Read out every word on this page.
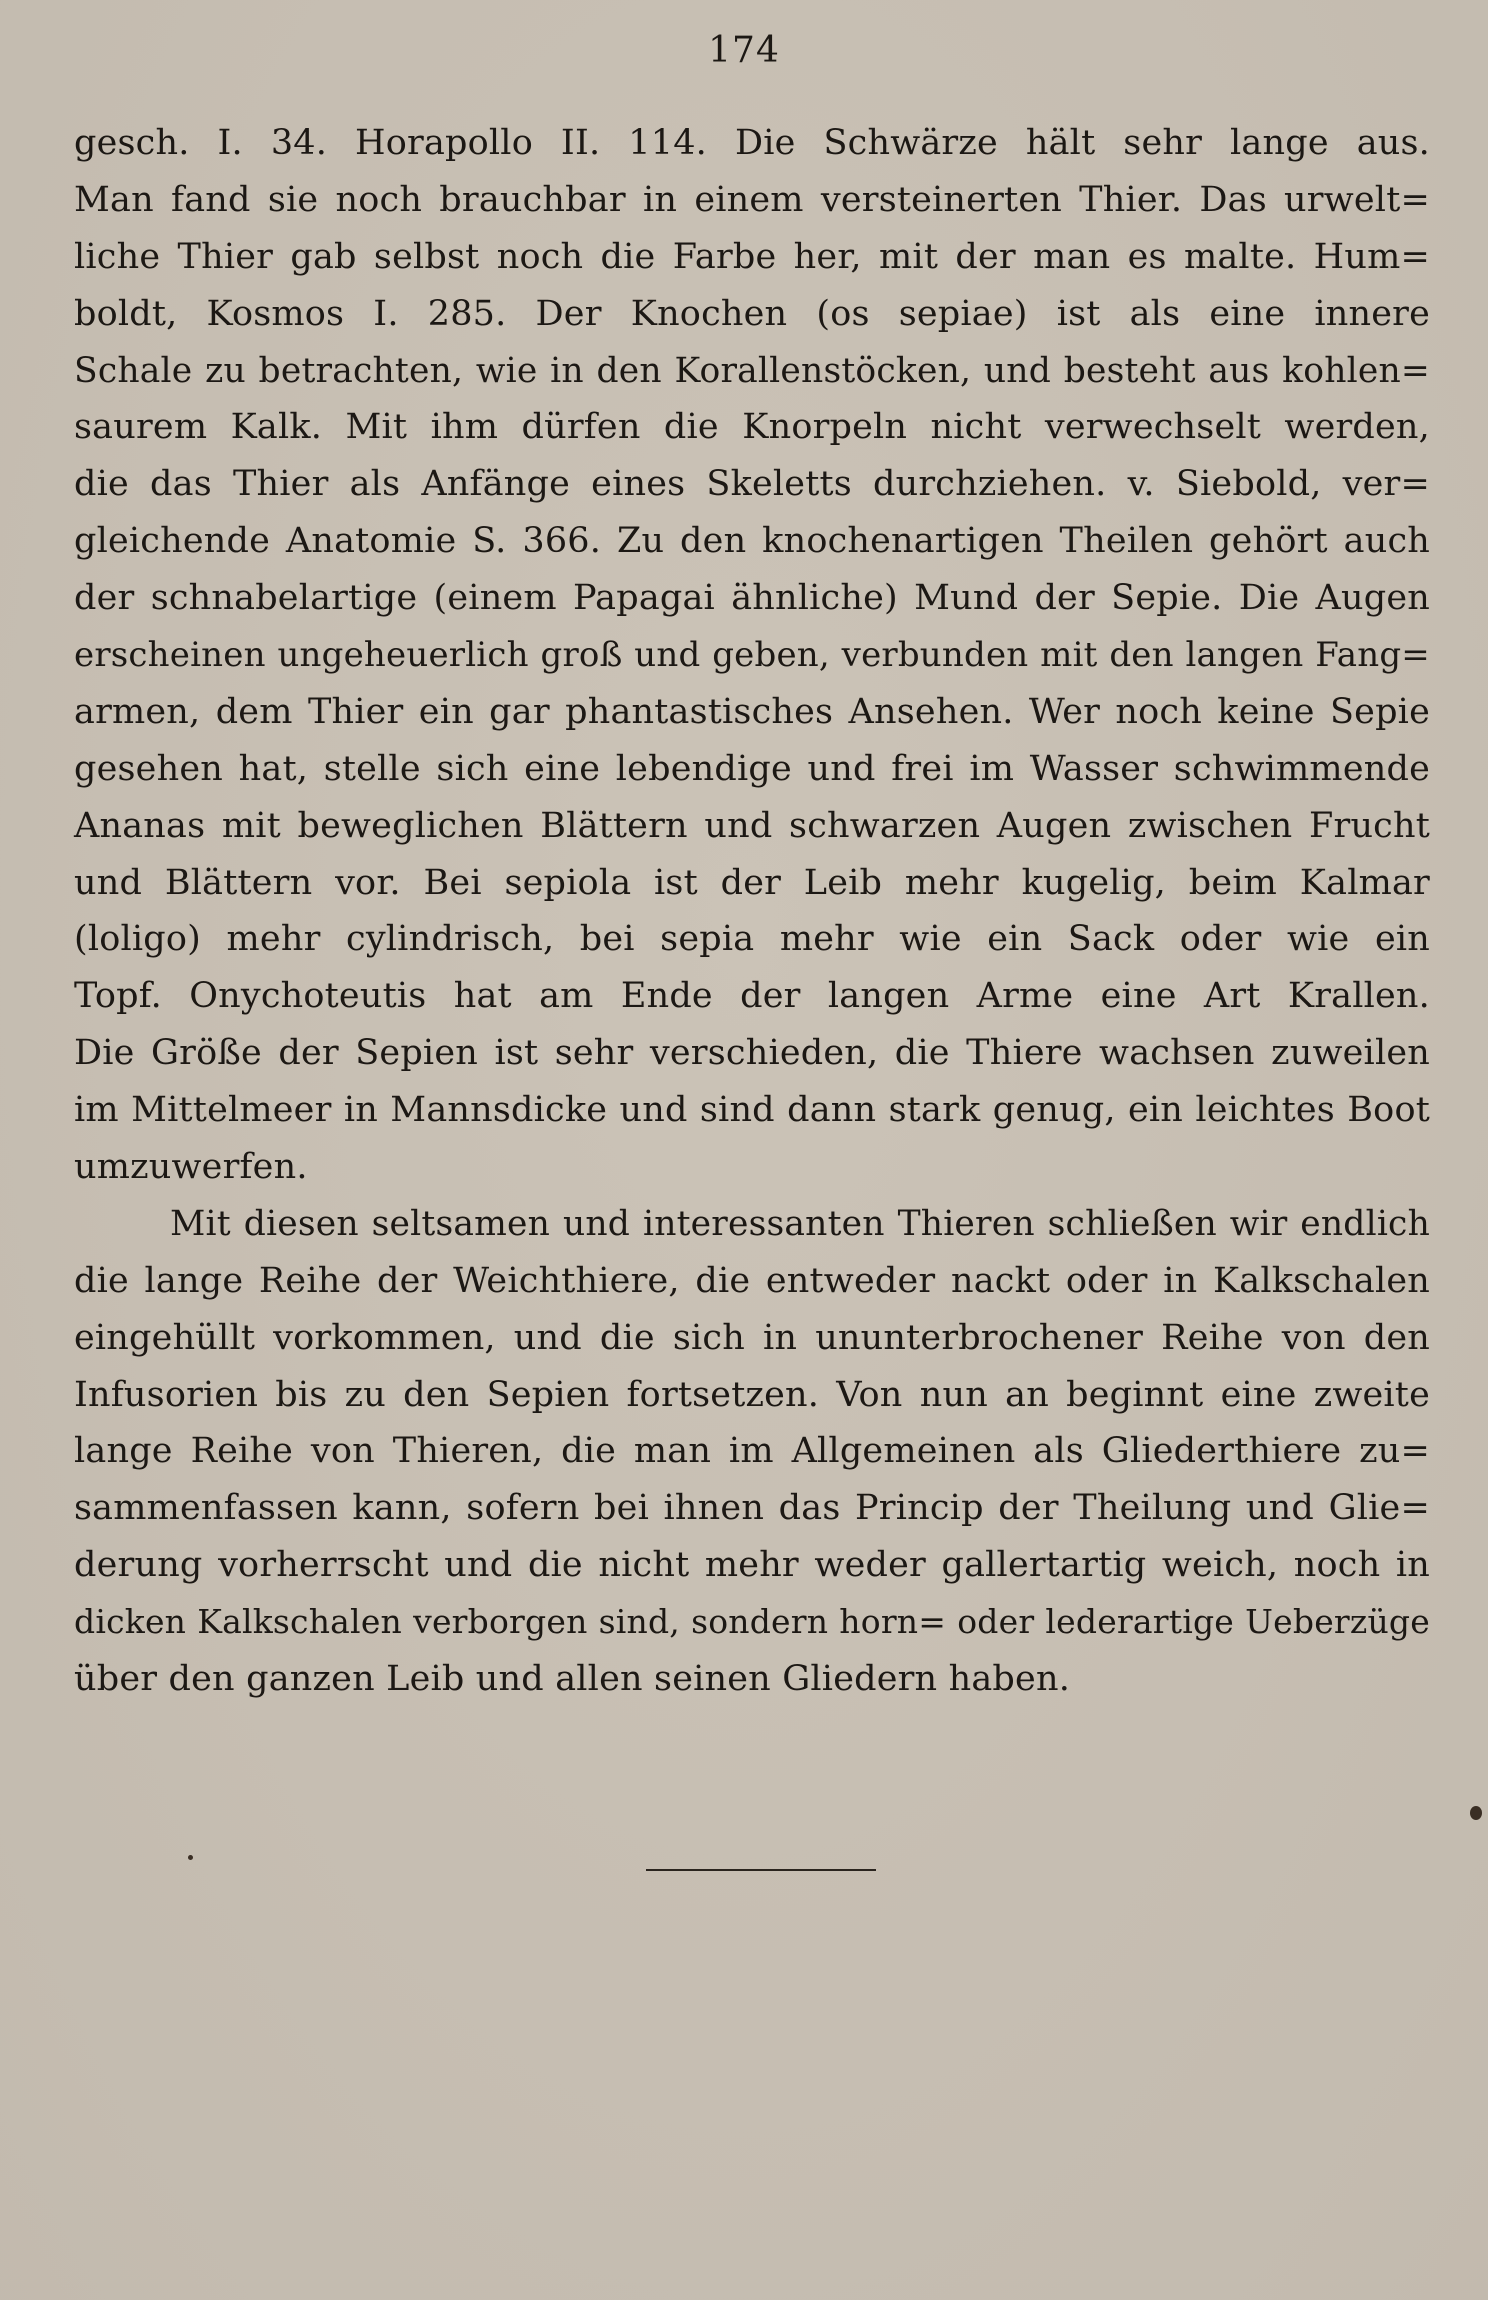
174
gesch. I. 34. Horapollo II. 114. Die Schwärze hält sehr lange aus.
Man fand sie noch brauchbar in einem versteinerten Thier. Das urwelt=
liche Thier gab selbst noch die Farbe her, mit der man es malte. Hum=
boldt, Kosmos I. 285. Der Knochen (os sepiae) ist als eine innere
Schale zu betrachten, wie in den Korallenstöcken, und besteht aus kohlen=
saurem Kalk. Mit ihm dürfen die Knorpeln nicht verwechselt werden,
die das Thier als Anfänge eines Skeletts durchziehen. v. Siebold, ver=
gleichende Anatomie S. 366. Zu den knochenartigen Theilen gehört auch
der schnabelartige (einem Papagai ähnliche) Mund der Sepie. Die Augen
erscheinen ungeheuerlich groß und geben, verbunden mit den langen Fang=
armen, dem Thier ein gar phantastisches Ansehen. Wer noch keine Sepie
gesehen hat, stelle sich eine lebendige und frei im Wasser schwimmende
Ananas mit beweglichen Blättern und schwarzen Augen zwischen Frucht
und Blättern vor. Bei sepiola ist der Leib mehr kugelig, beim Kalmar
(loligo) mehr cylindrisch, bei sepia mehr wie ein Sack oder wie ein
Topf. Onychoteutis hat am Ende der langen Arme eine Art Krallen.
Die Größe der Sepien ist sehr verschieden, die Thiere wachsen zuweilen
im Mittelmeer in Mannsdicke und sind dann stark genug, ein leichtes Boot
umzuwerfen.
Mit diesen seltsamen und interessanten Thieren schließen wir endlich
die lange Reihe der Weichthiere, die entweder nackt oder in Kalkschalen
eingehüllt vorkommen, und die sich in ununterbrochener Reihe von den
Infusorien bis zu den Sepien fortsetzen. Von nun an beginnt eine zweite
lange Reihe von Thieren, die man im Allgemeinen als Gliederthiere zu=
sammenfassen kann, sofern bei ihnen das Princip der Theilung und Glie=
derung vorherrscht und die nicht mehr weder gallertartig weich, noch in
dicken Kalkschalen verborgen sind, sondern horn= oder lederartige Ueberzüge
über den ganzen Leib und allen seinen Gliedern haben.
